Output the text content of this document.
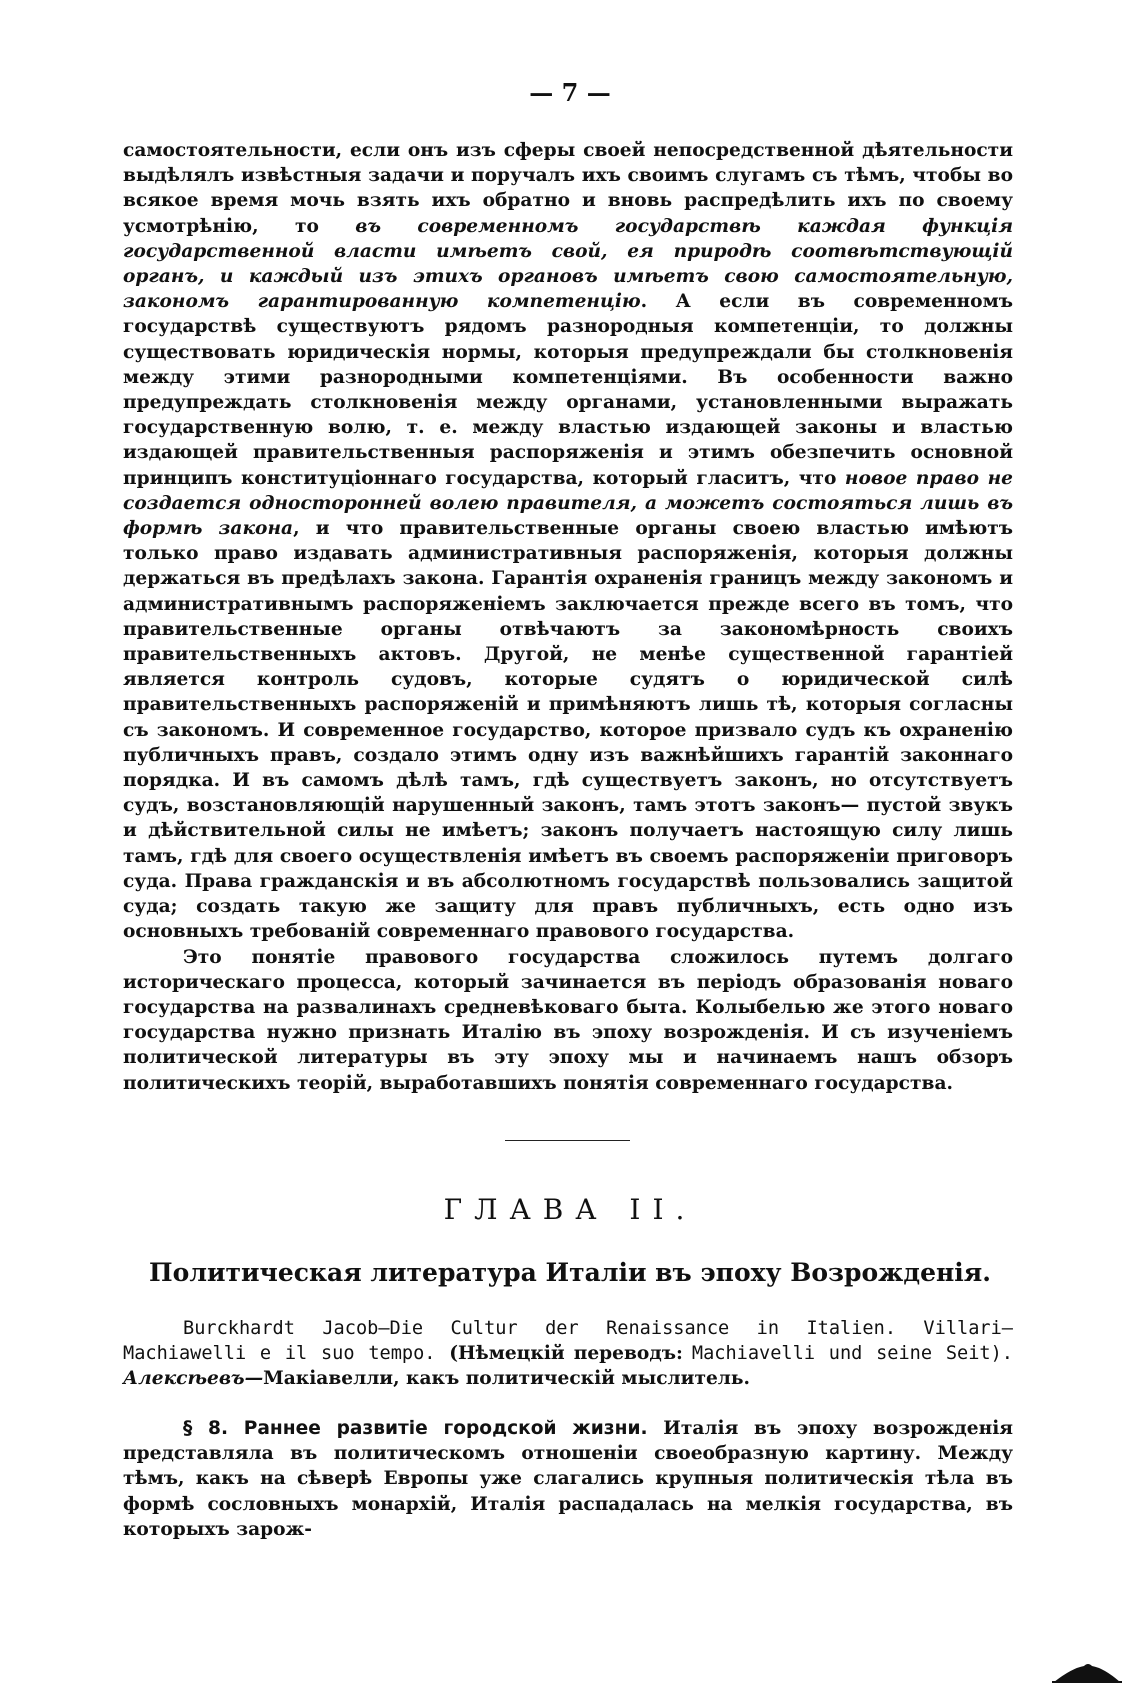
— 7 —

самостоятельности, если онъ изъ сферы своей непосредственной дѣятельности выдѣлялъ извѣстныя задачи и поручалъ ихъ своимъ слугамъ съ тѣмъ, чтобы во всякое время мочь взять ихъ обратно и вновь распредѣлить ихъ по своему усмотрѣнію, то въ современномъ государствѣ каждая функція государственной власти имѣетъ свой, ея природѣ соотвѣтствующій органъ, и каждый изъ этихъ органовъ имѣетъ свою самостоятельную, закономъ гарантированную компетенцію. А если въ современномъ государствѣ существуютъ рядомъ разнородныя компетенціи, то должны существовать юридическія нормы, которыя предупреждали бы столкновенія между этими разнородными компетенціями. Въ особенности важно предупреждать столкновенія между органами, установленными выражать государственную волю, т. е. между властью издающей законы и властью издающей правительственныя распоряженія и этимъ обезпечить основной принципъ конституціоннаго государства, который гласитъ, что новое право не создается односторонней волею правителя, а можетъ состояться лишь въ формѣ закона, и что правительственные органы своею властью имѣютъ только право издавать административныя распоряженія, которыя должны держаться въ предѣлахъ закона. Гарантія охраненія границъ между закономъ и административнымъ распоряженіемъ заключается прежде всего въ томъ, что правительственные органы отвѣчаютъ за закономѣрность своихъ правительственныхъ актовъ. Другой, не менѣе существенной гарантіей является контроль судовъ, которые судятъ о юридической силѣ правительственныхъ распоряженій и примѣняютъ лишь тѣ, которыя согласны съ закономъ. И современное государство, которое призвало судъ къ охраненію публичныхъ правъ, создало этимъ одну изъ важнѣйшихъ гарантій законнаго порядка. И въ самомъ дѣлѣ тамъ, гдѣ существуетъ законъ, но отсутствуетъ судъ, возстановляющій нарушенный законъ, тамъ этотъ законъ— пустой звукъ и дѣйствительной силы не имѣетъ; законъ получаетъ настоящую силу лишь тамъ, гдѣ для своего осуществленія имѣетъ въ своемъ распоряженіи приговоръ суда. Права гражданскія и въ абсолютномъ государствѣ пользовались защитой суда; создать такую же защиту для правъ публичныхъ, есть одно изъ основныхъ требованій современнаго правового государства.

Это понятіе правового государства сложилось путемъ долгаго историческаго процесса, который зачинается въ періодъ образованія новаго государства на развалинахъ средневѣковаго быта. Колыбелью же этого новаго государства нужно признать Италію въ эпоху возрожденія. И съ изученіемъ политической литературы въ эту эпоху мы и начинаемъ нашъ обзоръ политическихъ теорій, выработавшихъ понятія современнаго государства.

ГЛАВА II.
Политическая литература Италіи въ эпоху Возрожденія.
Burckhardt Jacob—Die Cultur der Renaissance in Italien. Villari—Machiawelli e il suo tempo. (Нѣмецкій переводъ: Machiavelli und seine Seit). Алексѣевъ—Макіавелли, какъ политическій мыслитель.
§ 8. Раннее развитіе городской жизни. Италія въ эпоху возрожденія представляла въ политическомъ отношеніи своеобразную картину. Между тѣмъ, какъ на сѣверѣ Европы уже слагались крупныя политическія тѣла въ формѣ сословныхъ монархій, Италія распадалась на мелкія государства, въ которыхъ зарож-
